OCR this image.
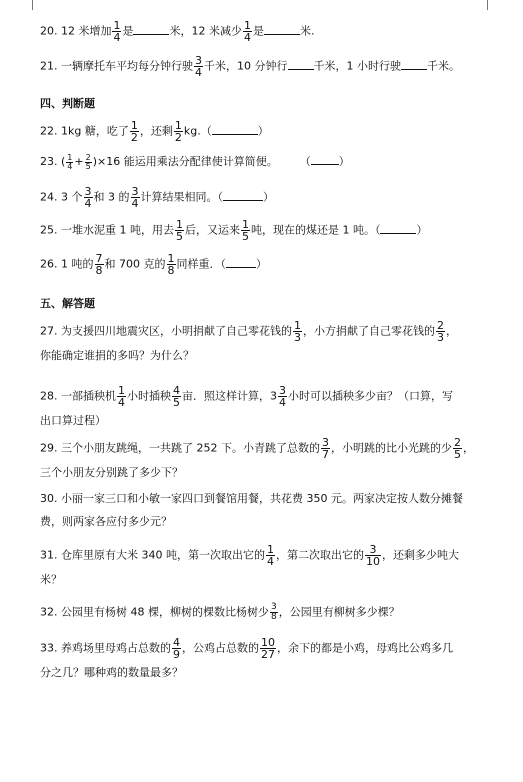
20. 12 米增加 $\frac{1}{4}$ 是	米，12 米减少 $\frac{1}{4}$ 是	米.
21. 一辆摩托车平均每分钟行驶 $\frac{3}{4}$ 千米，10 分钟行 千米，1 小时行驶 千米。
四、判断题
22. 1kg 糖，吃了 $\frac{1}{2}$ ，还剩 $\frac{1}{2} kg$.（	）
23. ( $\frac{1}{4} + \frac{2}{5} )\times 16$ 能运用乘法分配律使计算简便。 （	）
24. 3 个 $\frac{3}{4}$ 和 3 的 $\frac{3}{4}$ 计算结果相同。（	）
25. 一堆水泥重 1 吨，用去 $\frac{1}{5}$ 后，又运来 $\frac{1}{5}$ 吨，现在的煤还是 1 吨。（	）
26. 1 吨的 $\frac{7}{8}$ 和 700 克的 $\frac{1}{8}$ 同样重．（	）
五、解答题
27. 为支援四川地震灾区，小明捐献了自己零花钱的 $\frac{1}{3}$ ，小方捐献了自己零花钱的 $\frac{2}{3}$ ，
你能确定谁捐的多吗？为什么？
28. 一部插秧机 $\frac{1}{4}$ 小时插秧 $\frac{4}{5}$ 亩．照这样计算，$3 \frac{3}{4}$ 小时可以插秧多少亩？（口算，写
出口算过程）
29. 三个小朋友跳绳，一共跳了 252 下。小青跳了总数的 $\frac{3}{7}$ ，小明跳的比小光跳的少 $\frac{2}{5}$ ，
三个小朋友分别跳了多少下？
30. 小丽一家三口和小敏一家四口到餐馆用餐，共花费 350 元。两家决定按人数分摊餐
费，则两家各应付多少元？
31. 仓库里原有大米 340 吨，第一次取出它的 $\frac{1}{4}$ ，第二次取出它的 $\frac{3}{10}$ ，还剩多少吨大
米？
32. 公园里有杨树 48 棵，柳树的棵数比杨树少 $\frac{3}{8}$ ，公园里有柳树多少棵？
33. 养鸡场里母鸡占总数的 $\frac{4}{9}$ ，公鸡占总数的 $\frac{10}{27}$ ，余下的都是小鸡，母鸡比公鸡多几
分之几？哪种鸡的数量最多？
